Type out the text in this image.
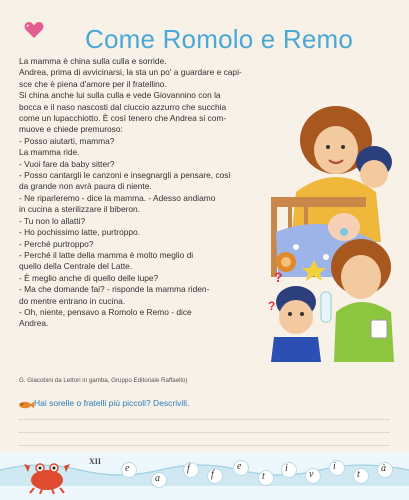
Come Romolo e Remo

La mamma è china sulla culla e sorride.

Andrea, prima di avvicinarsi, la sta un po' a guardare e capi-

sce che è piena d'amore per il fratellino.

Si china anche lui sulla culla e vede Giovannino con la

bocca e il naso nascosti dal ciuccio azzurro che succhia

come un lupacchiotto. È così tenero che Andrea si com-

muove e chiede premuroso:

- Posso aiutarti, mamma?

La mamma ride.

- Vuoi fare da baby sitter?

- Posso cantargli le canzoni e insegnargli a pensare, così

da grande non avrà paura di niente.

- Ne riparleremo - dice la mamma. - Adesso andiamo

in cucina a sterilizzare il biberon.

- Tu non lo allatti?

- Ho pochissimo latte, purtroppo.

- Perché purtroppo?

- Perché il latte della mamma è molto meglio di

quello della Centrale del Latte.

- È meglio anche di quello delle lupe?

- Ma che domande fai? - risponde la mamma riden-

do mentre entrano in cucina.

- Oh, niente, pensavo a Romolo e Remo - dice

Andrea.

G. Giacobini da Lettori in gamba, Gruppo Editoriale Raffaello)
?
?
Hai sorelle o fratelli più piccoli? Descrivili.
XII
e
a
f
f
e
t
i
v
i
t
à
